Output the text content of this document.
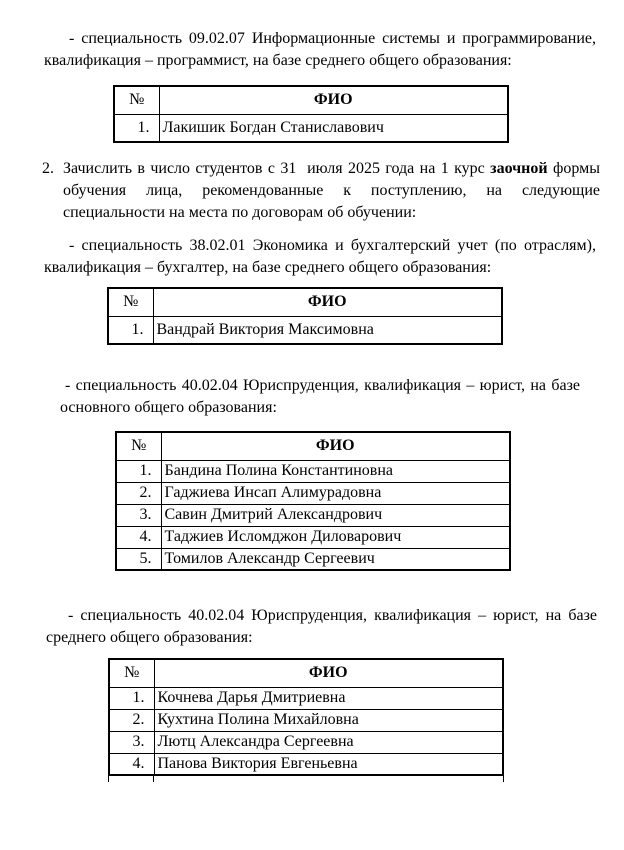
- специальность 09.02.07 Информационные системы и программирование, квалификация – программист, на базе среднего общего образования:

№	ФИО
1.	Лакишик Богдан Станиславович
2. Зачислить в число студентов с 31  июля 2025 года на 1 курс заочной формы обучения лица, рекомендованные к поступлению, на следующие специальности на места по договорам об обучении:

- специальность 38.02.01 Экономика и бухгалтерский учет (по отраслям), квалификация – бухгалтер, на базе среднего общего образования:

№	ФИО
1.	Вандрай Виктория Максимовна

- специальность 40.02.04 Юриспруденция, квалификация – юрист, на базе основного общего образования:

№	ФИО
1.	Бандина Полина Константиновна
2.	Гаджиева Инсап Алимурадовна
3.	Савин Дмитрий Александрович
4.	Таджиев Исломджон Диловарович
5.	Томилов Александр Сергеевич

- специальность 40.02.04 Юриспруденция, квалификация – юрист, на базе среднего общего образования:

№	ФИО
1.	Кочнева Дарья Дмитриевна
2.	Кухтина Полина Михайловна
3.	Лютц Александра Сергеевна
4.	Панова Виктория Евгеньевна
